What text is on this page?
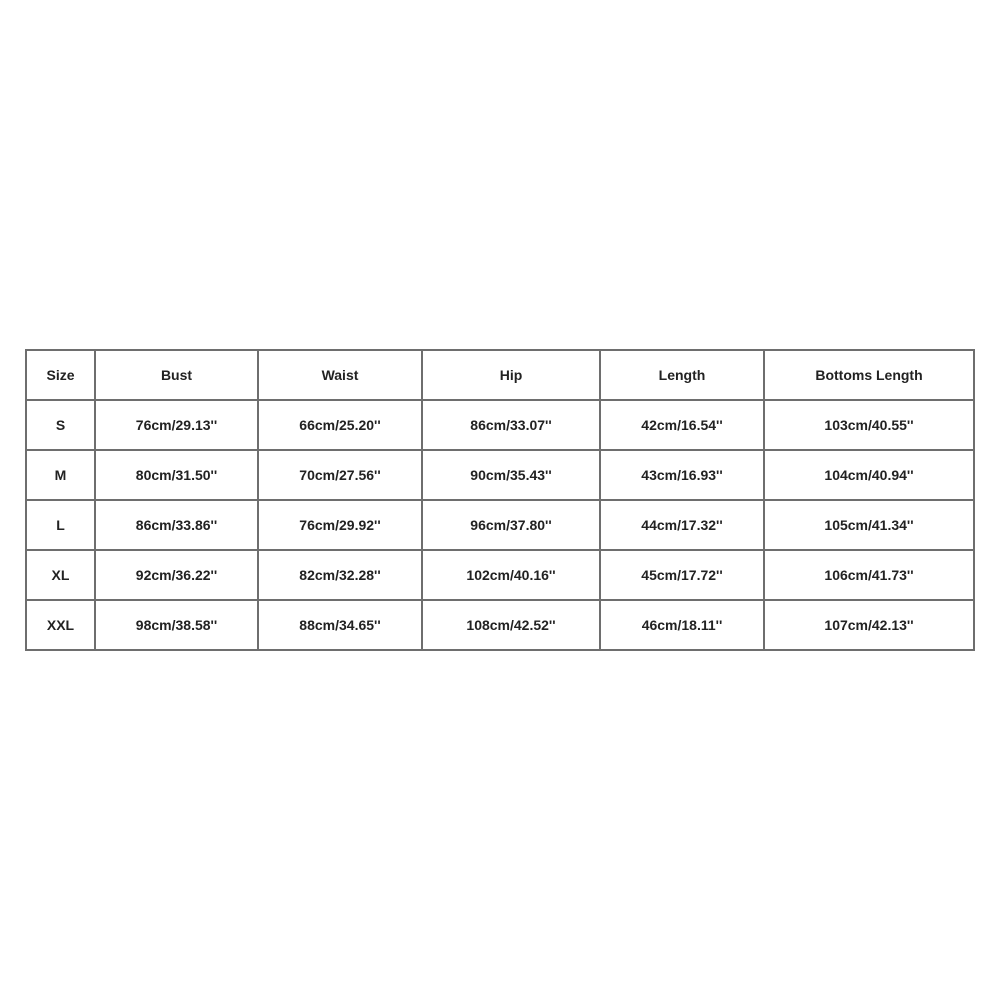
Size	Bust	Waist	Hip	Length	Bottoms Length
S	76cm/29.13''	66cm/25.20''	86cm/33.07''	42cm/16.54''	103cm/40.55''
M	80cm/31.50''	70cm/27.56''	90cm/35.43''	43cm/16.93''	104cm/40.94''
L	86cm/33.86''	76cm/29.92''	96cm/37.80''	44cm/17.32''	105cm/41.34''
XL	92cm/36.22''	82cm/32.28''	102cm/40.16''	45cm/17.72''	106cm/41.73''
XXL	98cm/38.58''	88cm/34.65''	108cm/42.52''	46cm/18.11''	107cm/42.13''
